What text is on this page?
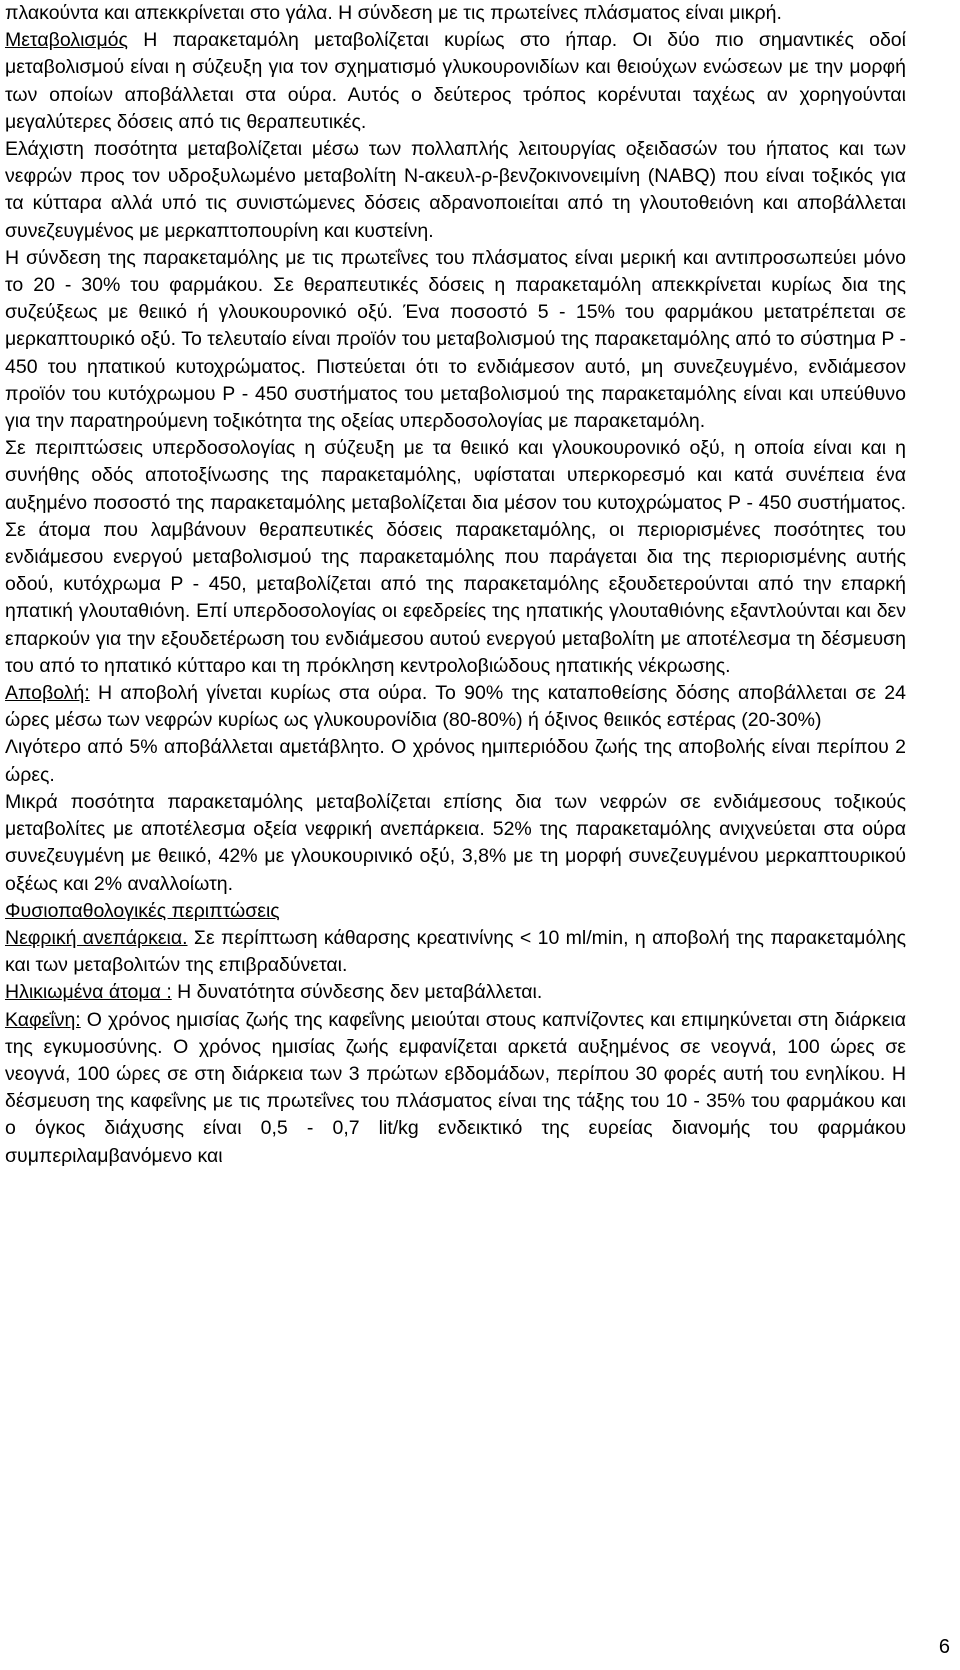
πλακούντα και απεκκρίνεται στο γάλα. Η σύνδεση με τις πρωτείνες πλάσματος είναι μικρή.

Μεταβολισμός Η παρακεταμόλη μεταβολίζεται κυρίως στο ήπαρ. Οι δύο πιο σημαντικές οδοί μεταβολισμού είναι η σύζευξη για τον σχηματισμό γλυκουρονιδίων και θειούχων ενώσεων με την μορφή των οποίων αποβάλλεται στα ούρα. Αυτός ο δεύτερος τρόπος κορένυται ταχέως αν χορηγούνται μεγαλύτερες δόσεις από τις θεραπευτικές.

Ελάχιστη ποσότητα μεταβολίζεται μέσω των πολλαπλής λειτουργίας οξειδασών του ήπατος και των νεφρών προς τον υδροξυλωμένο μεταβολίτη Ν-ακευλ-ρ-βενζοκινονειμίνη (NABQ) που είναι τοξικός για τα κύτταρα αλλά υπό τις συνιστώμενες δόσεις αδρανοποιείται από τη γλουτοθειόνη και αποβάλλεται συνεζευγμένος με μερκαπτοπουρίνη και κυστείνη.

Η σύνδεση της παρακεταμόλης με τις πρωτεΐνες του πλάσματος είναι μερική και αντιπροσωπεύει μόνο το 20 - 30% του φαρμάκου. Σε θεραπευτικές δόσεις η παρακεταμόλη απεκκρίνεται κυρίως δια της συζεύξεως με θειικό ή γλουκουρονικό οξύ. Ένα ποσοστό 5 - 15% του φαρμάκου μετατρέπεται σε μερκαπτουρικό οξύ. Το τελευταίο είναι προϊόν του μεταβολισμού της παρακεταμόλης από το σύστημα Ρ - 450 του ηπατικού κυτοχρώματος. Πιστεύεται ότι το ενδιάμεσον αυτό, μη συνεζευγμένο, ενδιάμεσον προϊόν του κυτόχρωμου Ρ - 450 συστήματος του μεταβολισμού της παρακεταμόλης είναι και υπεύθυνο για την παρατηρούμενη τοξικότητα της οξείας υπερδοσολογίας με παρακεταμόλη.

Σε περιπτώσεις υπερδοσολογίας η σύζευξη με τα θειικό και γλουκουρονικό οξύ, η οποία είναι και η συνήθης οδός αποτοξίνωσης της παρακεταμόλης, υφίσταται υπερκορεσμό και κατά συνέπεια ένα αυξημένο ποσοστό της παρακεταμόλης μεταβολίζεται δια μέσον του κυτοχρώματος Ρ - 450 συστήματος. Σε άτομα που λαμβάνουν θεραπευτικές δόσεις παρακεταμόλης, οι περιορισμένες ποσότητες του ενδιάμεσου ενεργού μεταβολισμού της παρακεταμόλης που παράγεται δια της περιορισμένης αυτής οδού, κυτόχρωμα Ρ - 450, μεταβολίζεται από της παρακεταμόλης εξουδετερούνται από την επαρκή ηπατική γλουταθιόνη. Επί υπερδοσολογίας οι εφεδρείες της ηπατικής γλουταθιόνης εξαντλούνται και δεν επαρκούν για την εξουδετέρωση του ενδιάμεσου αυτού ενεργού μεταβολίτη με αποτέλεσμα τη δέσμευση του από το ηπατικό κύτταρο και τη πρόκληση κεντρολοβιώδους ηπατικής νέκρωσης.

Αποβολή: Η αποβολή γίνεται κυρίως στα ούρα. Το 90% της καταποθείσης δόσης αποβάλλεται σε 24 ώρες μέσω των νεφρών κυρίως ως γλυκουρονίδια (80-80%) ή όξινος θειικός εστέρας (20-30%)

Λιγότερο από 5% αποβάλλεται αμετάβλητο. Ο χρόνος ημιπεριόδου ζωής της αποβολής είναι περίπου 2 ώρες.

Μικρά ποσότητα παρακεταμόλης μεταβολίζεται επίσης δια των νεφρών σε ενδιάμεσους τοξικούς μεταβολίτες με αποτέλεσμα οξεία νεφρική ανεπάρκεια. 52% της παρακεταμόλης ανιχνεύεται στα ούρα συνεζευγμένη με θειικό, 42% με γλουκουρινικό οξύ, 3,8% με τη μορφή συνεζευγμένου μερκαπτουρικού οξέως και 2% αναλλοίωτη.

Φυσιοπαθολογικές περιπτώσεις

Νεφρική ανεπάρκεια. Σε περίπτωση κάθαρσης κρεατινίνης < 10 ml/min, η αποβολή της παρακεταμόλης και των μεταβολιτών της επιβραδύνεται.

Ηλικιωμένα άτομα : Η δυνατότητα σύνδεσης δεν μεταβάλλεται.

Καφεΐνη: Ο χρόνος ημισίας ζωής της καφεΐνης μειούται στους καπνίζοντες και επιμηκύνεται στη διάρκεια της εγκυμοσύνης. Ο χρόνος ημισίας ζωής εμφανίζεται αρκετά αυξημένος σε νεογνά, 100 ώρες σε νεογνά, 100 ώρες σε στη διάρκεια των 3 πρώτων εβδομάδων, περίπου 30 φορές αυτή του ενηλίκου. Η δέσμευση της καφεΐνης με τις πρωτεΐνες του πλάσματος είναι της τάξης του 10 - 35% του φαρμάκου και ο όγκος διάχυσης είναι 0,5 - 0,7 lit/kg ενδεικτικό της ευρείας διανομής του φαρμάκου συμπεριλαμβανόμενο και

6
